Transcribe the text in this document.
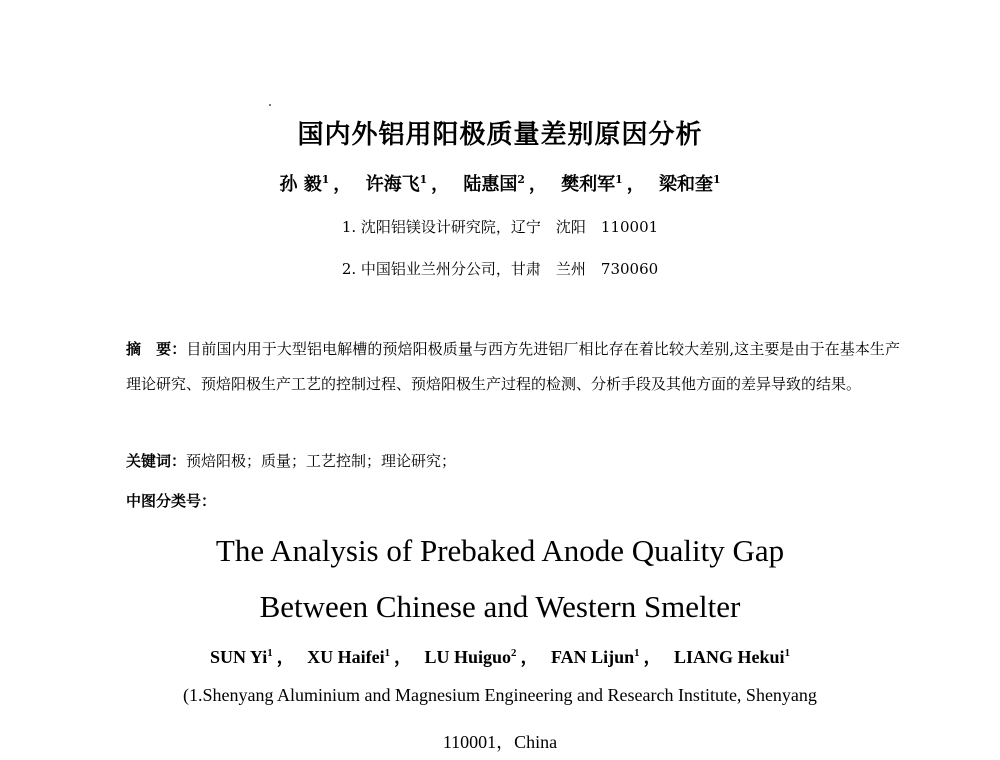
国内外铝用阳极质量差别原因分析
孙 毅$^1$ ， 许海飞$^1$ ， 陆惠国$^2$ ， 樊利军$^1$ ， 梁和奎$^1$
1. 沈阳铝镁设计研究院，辽宁　沈阳　110001
2. 中国铝业兰州分公司，甘肃　兰州　730060
摘　要：目前国内用于大型铝电解槽的预焙阳极质量与西方先进铝厂相比存在着比较大差别,这主要是由于在基本生产理论研究、预焙阳极生产工艺的控制过程、预焙阳极生产过程的检测、分析手段及其他方面的差异导致的结果。
关键词：预焙阳极；质量；工艺控制；理论研究；
中图分类号：
The Analysis of Prebaked Anode Quality Gap
Between Chinese and Western Smelter
SUN Yi$^1$ ， XU Haifei$^1$ ， LU Huiguo$^2$ ， FAN Lijun$^1$ ， LIANG Hekui$^1$
(1.Shenyang Aluminium and Magnesium Engineering and Research Institute, Shenyang
110001，China
